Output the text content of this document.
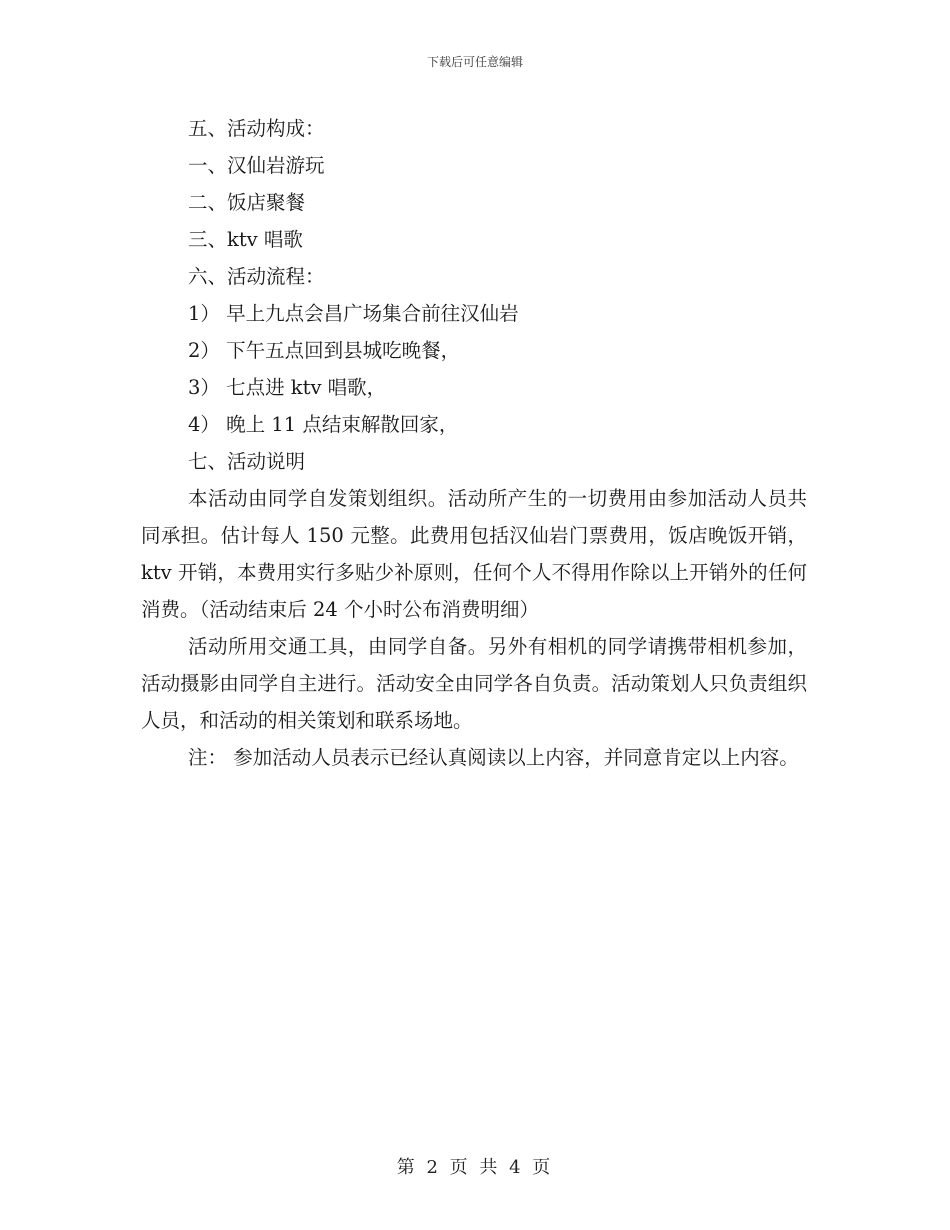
下载后可任意编辑

五、活动构成：

一、汉仙岩游玩

二、饭店聚餐

三、ktv 唱歌

六、活动流程：

1） 早上九点会昌广场集合前往汉仙岩

2） 下午五点回到县城吃晚餐，

3） 七点进 ktv 唱歌，

4） 晚上 11 点结束解散回家，

七、活动说明

本活动由同学自发策划组织。活动所产生的一切费用由参加活动人员共同承担。估计每人 150 元整。此费用包括汉仙岩门票费用，饭店晚饭开销，ktv 开销，本费用实行多贴少补原则，任何个人不得用作除以上开销外的任何消费。（活动结束后 24 个小时公布消费明细）

活动所用交通工具，由同学自备。另外有相机的同学请携带相机参加，活动摄影由同学自主进行。活动安全由同学各自负责。活动策划人只负责组织人员，和活动的相关策划和联系场地。

注： 参加活动人员表示已经认真阅读以上内容，并同意肯定以上内容。

第 2 页 共 4 页
